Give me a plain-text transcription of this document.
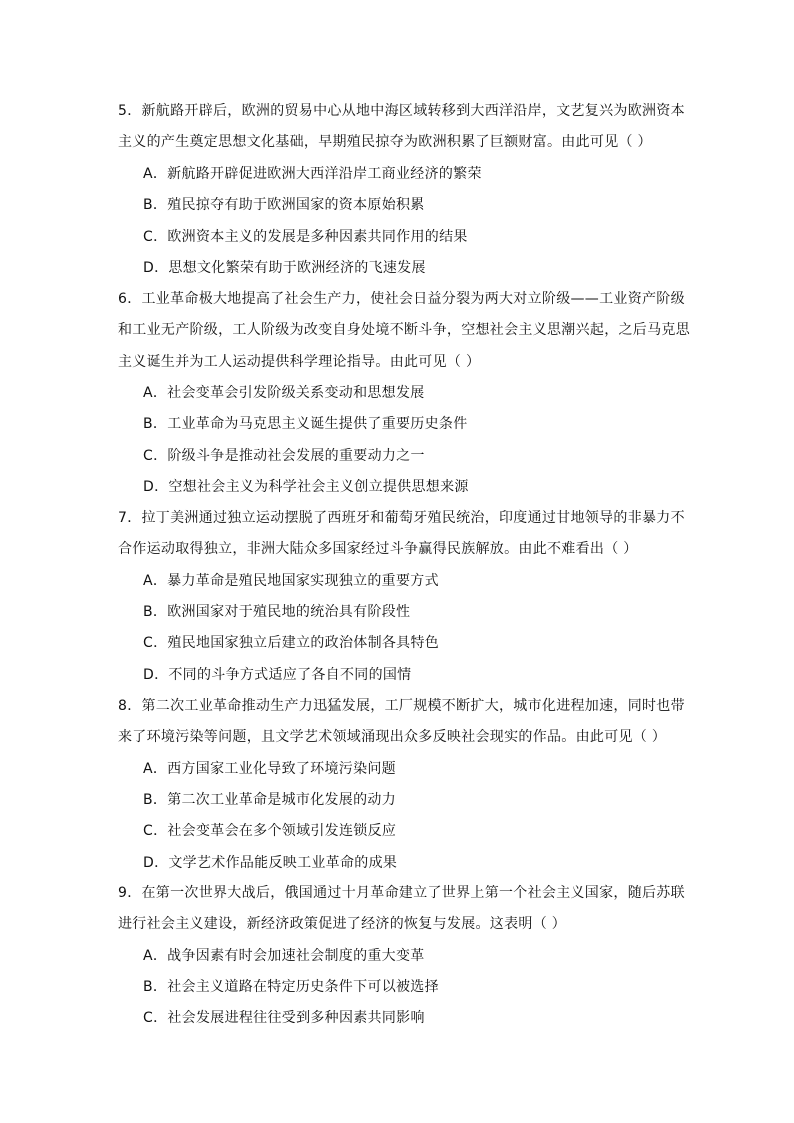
5．新航路开辟后，欧洲的贸易中心从地中海区域转移到大西洋沿岸，文艺复兴为欧洲资本
主义的产生奠定思想文化基础，早期殖民掠夺为欧洲积累了巨额财富。由此可见（ ）
A．新航路开辟促进欧洲大西洋沿岸工商业经济的繁荣
B．殖民掠夺有助于欧洲国家的资本原始积累
C．欧洲资本主义的发展是多种因素共同作用的结果
D．思想文化繁荣有助于欧洲经济的飞速发展
6．工业革命极大地提高了社会生产力，使社会日益分裂为两大对立阶级——工业资产阶级
和工业无产阶级，工人阶级为改变自身处境不断斗争，空想社会主义思潮兴起，之后马克思
主义诞生并为工人运动提供科学理论指导。由此可见（ ）
A．社会变革会引发阶级关系变动和思想发展
B．工业革命为马克思主义诞生提供了重要历史条件
C．阶级斗争是推动社会发展的重要动力之一
D．空想社会主义为科学社会主义创立提供思想来源
7．拉丁美洲通过独立运动摆脱了西班牙和葡萄牙殖民统治，印度通过甘地领导的非暴力不
合作运动取得独立，非洲大陆众多国家经过斗争赢得民族解放。由此不难看出（ ）
A．暴力革命是殖民地国家实现独立的重要方式
B．欧洲国家对于殖民地的统治具有阶段性
C．殖民地国家独立后建立的政治体制各具特色
D．不同的斗争方式适应了各自不同的国情
8．第二次工业革命推动生产力迅猛发展，工厂规模不断扩大，城市化进程加速，同时也带
来了环境污染等问题，且文学艺术领域涌现出众多反映社会现实的作品。由此可见（ ）
A．西方国家工业化导致了环境污染问题
B．第二次工业革命是城市化发展的动力
C．社会变革会在多个领域引发连锁反应
D．文学艺术作品能反映工业革命的成果
9．在第一次世界大战后，俄国通过十月革命建立了世界上第一个社会主义国家，随后苏联
进行社会主义建设，新经济政策促进了经济的恢复与发展。这表明（ ）
A．战争因素有时会加速社会制度的重大变革
B．社会主义道路在特定历史条件下可以被选择
C．社会发展进程往往受到多种因素共同影响
